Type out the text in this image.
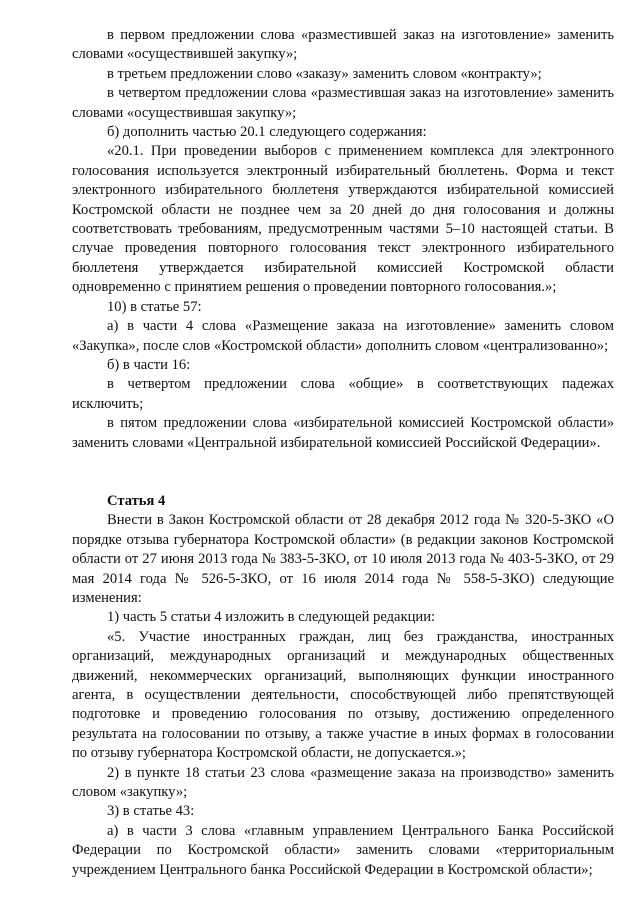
в первом предложении слова «разместившей заказ на изготовление» заменить словами «осуществившей закупку»;

в третьем предложении слово «заказу» заменить словом «контракту»;

в четвертом предложении слова «разместившая заказ на изготовление» заменить словами «осуществившая закупку»;

б) дополнить частью 20.1 следующего содержания:

«20.1. При проведении выборов с применением комплекса для электронного голосования используется электронный избирательный бюллетень. Форма и текст электронного избирательного бюллетеня утверждаются избирательной комиссией Костромской области не позднее чем за 20 дней до дня голосования и должны соответствовать требованиям, предусмотренным частями 5–10 настоящей статьи. В случае проведения повторного голосования текст электронного избирательного бюллетеня утверждается избирательной комиссией Костромской области одновременно с принятием решения о проведении повторного голосования.»;

10) в статье 57:

а) в части 4 слова «Размещение заказа на изготовление» заменить словом «Закупка», после слов «Костромской области» дополнить словом «централизованно»;

б) в части 16:

в четвертом предложении слова «общие» в соответствующих падежах исключить;

в пятом предложении слова «избирательной комиссией Костромской области» заменить словами «Центральной избирательной комиссией Российской Федерации».

Статья 4

Внести в Закон Костромской области от 28 декабря 2012 года № 320-5-ЗКО «О порядке отзыва губернатора Костромской области» (в редакции законов Костромской области от 27 июня 2013 года № 383-5-ЗКО, от 10 июля 2013 года № 403-5-ЗКО, от 29 мая 2014 года № 526-5-ЗКО, от 16 июля 2014 года № 558-5-ЗКО) следующие изменения:

1) часть 5 статьи 4 изложить в следующей редакции:

«5. Участие иностранных граждан, лиц без гражданства, иностранных организаций, международных организаций и международных общественных движений, некоммерческих организаций, выполняющих функции иностранного агента, в осуществлении деятельности, способствующей либо препятствующей подготовке и проведению голосования по отзыву, достижению определенного результата на голосовании по отзыву, а также участие в иных формах в голосовании по отзыву губернатора Костромской области, не допускается.»;

2) в пункте 18 статьи 23 слова «размещение заказа на производство» заменить словом «закупку»;

3) в статье 43:

а) в части 3 слова «главным управлением Центрального Банка Российской Федерации по Костромской области» заменить словами «территориальным учреждением Центрального банка Российской Федерации в Костромской области»;
